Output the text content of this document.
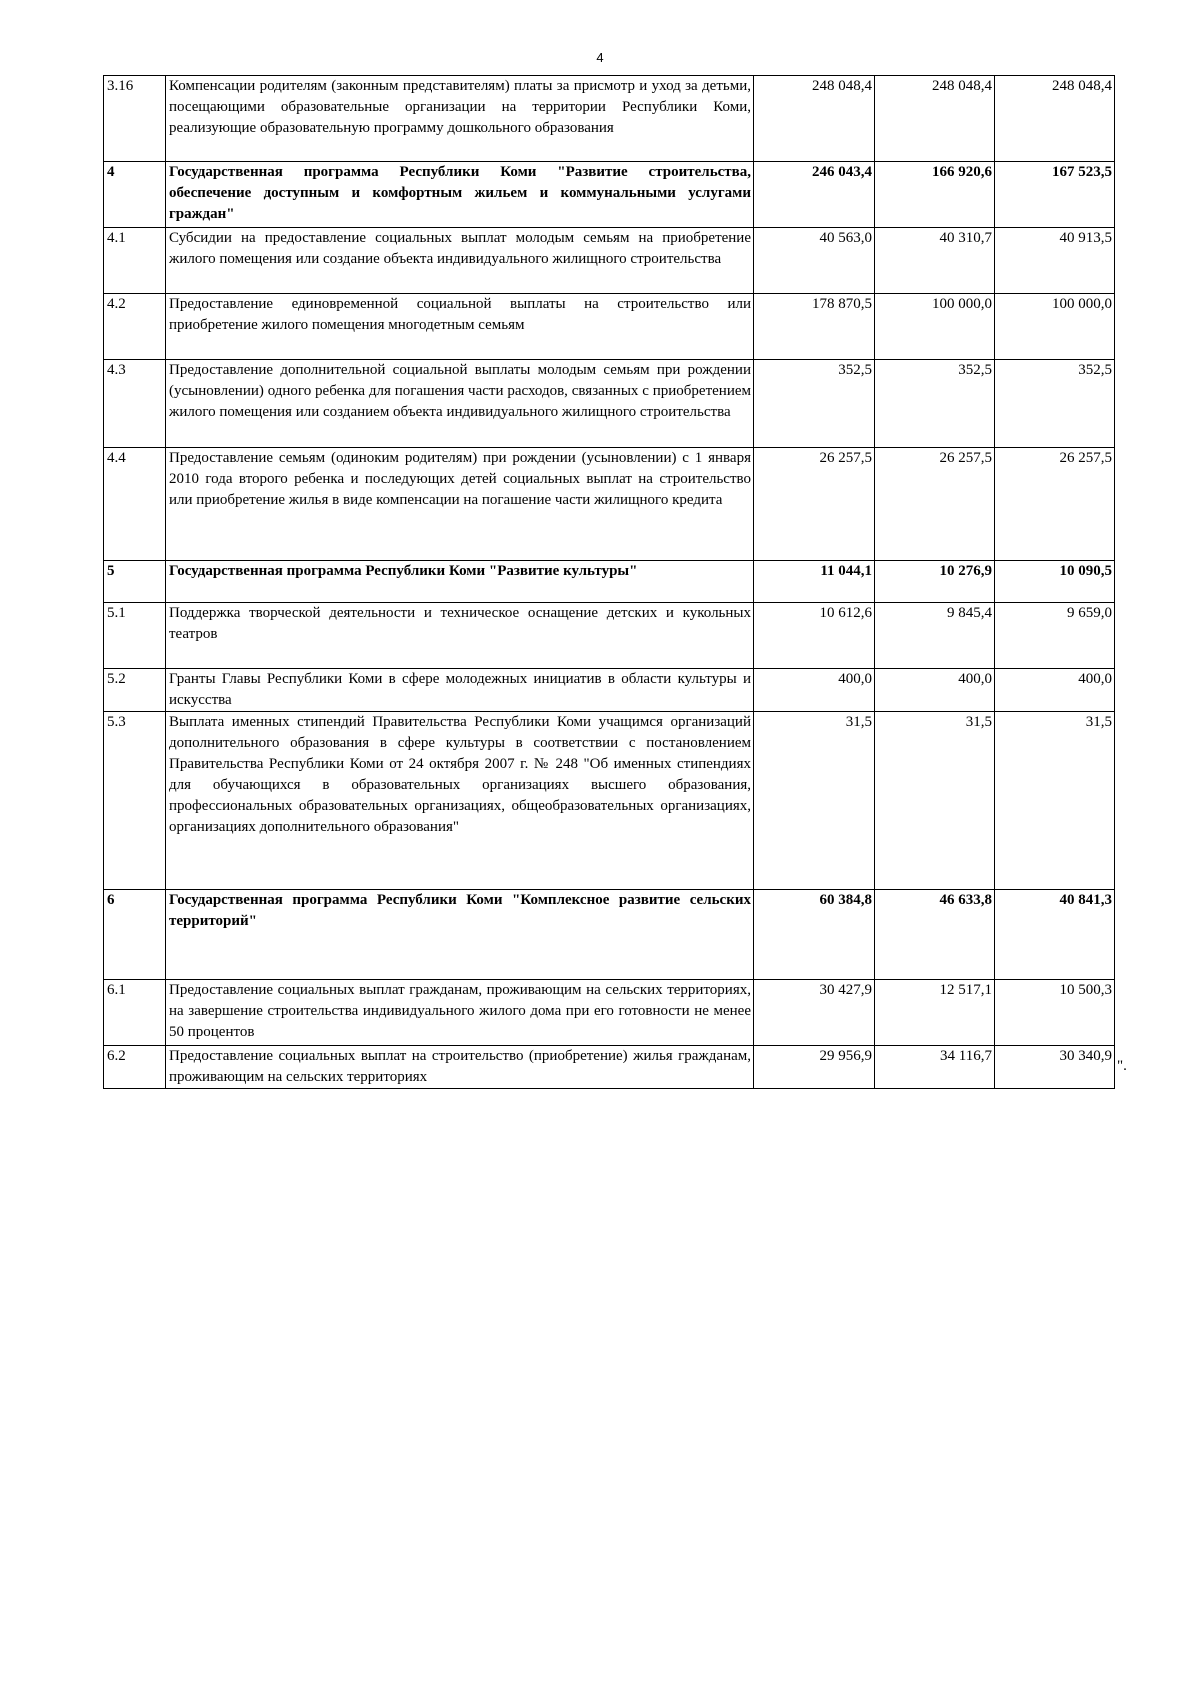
4
3.16	Компенсации родителям (законным представителям) платы за присмотр и уход за детьми, посещающими образовательные организации на территории Республики Коми, реализующие образовательную программу дошкольного образования	248 048,4	248 048,4	248 048,4
4	Государственная программа Республики Коми "Развитие строительства, обеспечение доступным и комфортным жильем и коммунальными услугами граждан"	246 043,4	166 920,6	167 523,5
4.1	Субсидии на предоставление социальных выплат молодым семьям на приобретение жилого помещения или создание объекта индивидуального жилищного строительства	40 563,0	40 310,7	40 913,5
4.2	Предоставление единовременной социальной выплаты на строительство или приобретение жилого помещения многодетным семьям	178 870,5	100 000,0	100 000,0
4.3	Предоставление дополнительной социальной выплаты молодым семьям при рождении (усыновлении) одного ребенка для погашения части расходов, связанных с приобретением жилого помещения или созданием объекта индивидуального жилищного строительства	352,5	352,5	352,5
4.4	Предоставление семьям (одиноким родителям) при рождении (усыновлении) с 1 января 2010 года второго ребенка и последующих детей социальных выплат на строительство или приобретение жилья в виде компенсации на погашение части жилищного кредита	26 257,5	26 257,5	26 257,5
5	Государственная программа Республики Коми "Развитие культуры"	11 044,1	10 276,9	10 090,5
5.1	Поддержка творческой деятельности и техническое оснащение детских и кукольных театров	10 612,6	9 845,4	9 659,0
5.2	Гранты Главы Республики Коми в сфере молодежных инициатив в области культуры и искусства	400,0	400,0	400,0
5.3	Выплата именных стипендий Правительства Республики Коми учащимся организаций дополнительного образования в сфере культуры в соответствии с постановлением Правительства Республики Коми от 24 октября 2007 г. № 248 "Об именных стипендиях для обучающихся в образовательных организациях высшего образования, профессиональных образовательных организациях, общеобразовательных организациях, организациях дополнительного образования"	31,5	31,5	31,5
6	Государственная программа Республики Коми "Комплексное развитие сельских территорий"	60 384,8	46 633,8	40 841,3
6.1	Предоставление социальных выплат гражданам, проживающим на сельских территориях, на завершение строительства индивидуального жилого дома при его готовности не менее 50 процентов	30 427,9	12 517,1	10 500,3
6.2	Предоставление социальных выплат на строительство (приобретение) жилья гражданам, проживающим на сельских территориях	29 956,9	34 116,7	30 340,9
".
